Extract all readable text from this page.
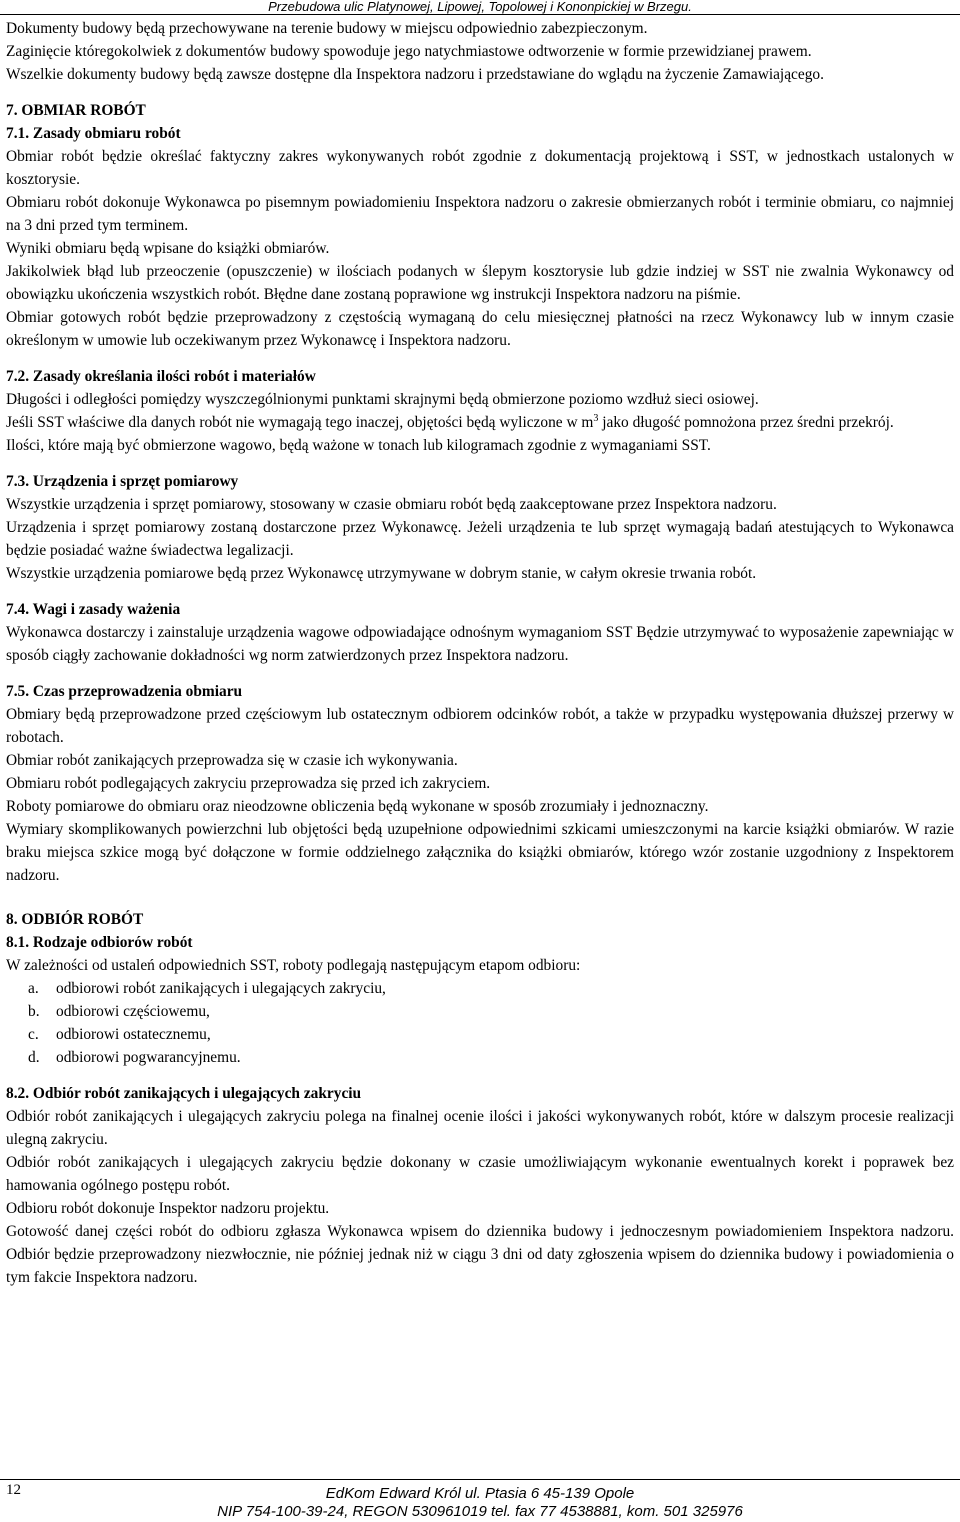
Przebudowa ulic Platynowej, Lipowej, Topolowej i Kononpickiej w Brzegu.

Dokumenty budowy będą przechowywane na terenie budowy w miejscu odpowiednio zabezpieczonym.

Zaginięcie któregokolwiek z dokumentów budowy spowoduje jego natychmiastowe odtworzenie w formie przewidzianej prawem.

Wszelkie dokumenty budowy będą zawsze dostępne dla Inspektora nadzoru i przedstawiane do wglądu na życzenie Zamawiającego.

7. OBMIAR ROBÓT

7.1. Zasady obmiaru robót

Obmiar robót będzie określać faktyczny zakres wykonywanych robót zgodnie z dokumentacją projektową i SST, w jednostkach ustalonych w kosztorysie.

Obmiaru robót dokonuje Wykonawca po pisemnym powiadomieniu Inspektora nadzoru o zakresie obmierzanych robót i terminie obmiaru, co najmniej na 3 dni przed tym terminem.

Wyniki obmiaru będą wpisane do książki obmiarów.

Jakikolwiek błąd lub przeoczenie (opuszczenie) w ilościach podanych w ślepym kosztorysie lub gdzie indziej w SST nie zwalnia Wykonawcy od obowiązku ukończenia wszystkich robót. Błędne dane zostaną poprawione wg instrukcji Inspektora nadzoru na piśmie.

Obmiar gotowych robót będzie przeprowadzony z częstością wymaganą do celu miesięcznej płatności na rzecz Wykonawcy lub w innym czasie określonym w umowie lub oczekiwanym przez Wykonawcę i Inspektora nadzoru.

7.2. Zasady określania ilości robót i materiałów

Długości i odległości pomiędzy wyszczególnionymi punktami skrajnymi będą obmierzone poziomo wzdłuż sieci osiowej.

Jeśli SST właściwe dla danych robót nie wymagają tego inaczej, objętości będą wyliczone w $m^3$ jako długość pomnożona przez średni przekrój.

Ilości, które mają być obmierzone wagowo, będą ważone w tonach lub kilogramach zgodnie z wymaganiami SST.

7.3. Urządzenia i sprzęt pomiarowy

Wszystkie urządzenia i sprzęt pomiarowy, stosowany w czasie obmiaru robót będą zaakceptowane przez Inspektora nadzoru.

Urządzenia i sprzęt pomiarowy zostaną dostarczone przez Wykonawcę. Jeżeli urządzenia te lub sprzęt wymagają badań atestujących to Wykonawca będzie posiadać ważne świadectwa legalizacji.

Wszystkie urządzenia pomiarowe będą przez Wykonawcę utrzymywane w dobrym stanie, w całym okresie trwania robót.

7.4. Wagi i zasady ważenia

Wykonawca dostarczy i zainstaluje urządzenia wagowe odpowiadające odnośnym wymaganiom SST Będzie utrzymywać to wyposażenie zapewniając w sposób ciągły zachowanie dokładności wg norm zatwierdzonych przez Inspektora nadzoru.

7.5. Czas przeprowadzenia obmiaru

Obmiary będą przeprowadzone przed częściowym lub ostatecznym odbiorem odcinków robót, a także w przypadku występowania dłuższej przerwy w robotach.

Obmiar robót zanikających przeprowadza się w czasie ich wykonywania.

Obmiaru robót podlegających zakryciu przeprowadza się przed ich zakryciem.

Roboty pomiarowe do obmiaru oraz nieodzowne obliczenia będą wykonane w sposób zrozumiały i jednoznaczny.

Wymiary skomplikowanych powierzchni lub objętości będą uzupełnione odpowiednimi szkicami umieszczonymi na karcie książki obmiarów. W razie braku miejsca szkice mogą być dołączone w formie oddzielnego załącznika do książki obmiarów, którego wzór zostanie uzgodniony z Inspektorem nadzoru.

8. ODBIÓR ROBÓT

8.1. Rodzaje odbiorów robót

W zależności od ustaleń odpowiednich SST, roboty podlegają następującym etapom odbioru:

a.	odbiorowi robót zanikających i ulegających zakryciu,
b.	odbiorowi częściowemu,
c.	odbiorowi ostatecznemu,
d.	odbiorowi pogwarancyjnemu.

8.2. Odbiór robót zanikających i ulegających zakryciu

Odbiór robót zanikających i ulegających zakryciu polega na finalnej ocenie ilości i jakości wykonywanych robót, które w dalszym procesie realizacji ulegną zakryciu.

Odbiór robót zanikających i ulegających zakryciu będzie dokonany w czasie umożliwiającym wykonanie ewentualnych korekt i poprawek bez hamowania ogólnego postępu robót.

Odbioru robót dokonuje Inspektor nadzoru projektu.

Gotowość danej części robót do odbioru zgłasza Wykonawca wpisem do dziennika budowy i jednoczesnym powiadomieniem Inspektora nadzoru. Odbiór będzie przeprowadzony niezwłocznie, nie później jednak niż w ciągu 3 dni od daty zgłoszenia wpisem do dziennika budowy i powiadomienia o tym fakcie Inspektora nadzoru.

12	EdKom Edward Król ul. Ptasia 6 45-139 Opole
NIP 754-100-39-24, REGON 530961019 tel. fax 77 4538881, kom. 501 325976
